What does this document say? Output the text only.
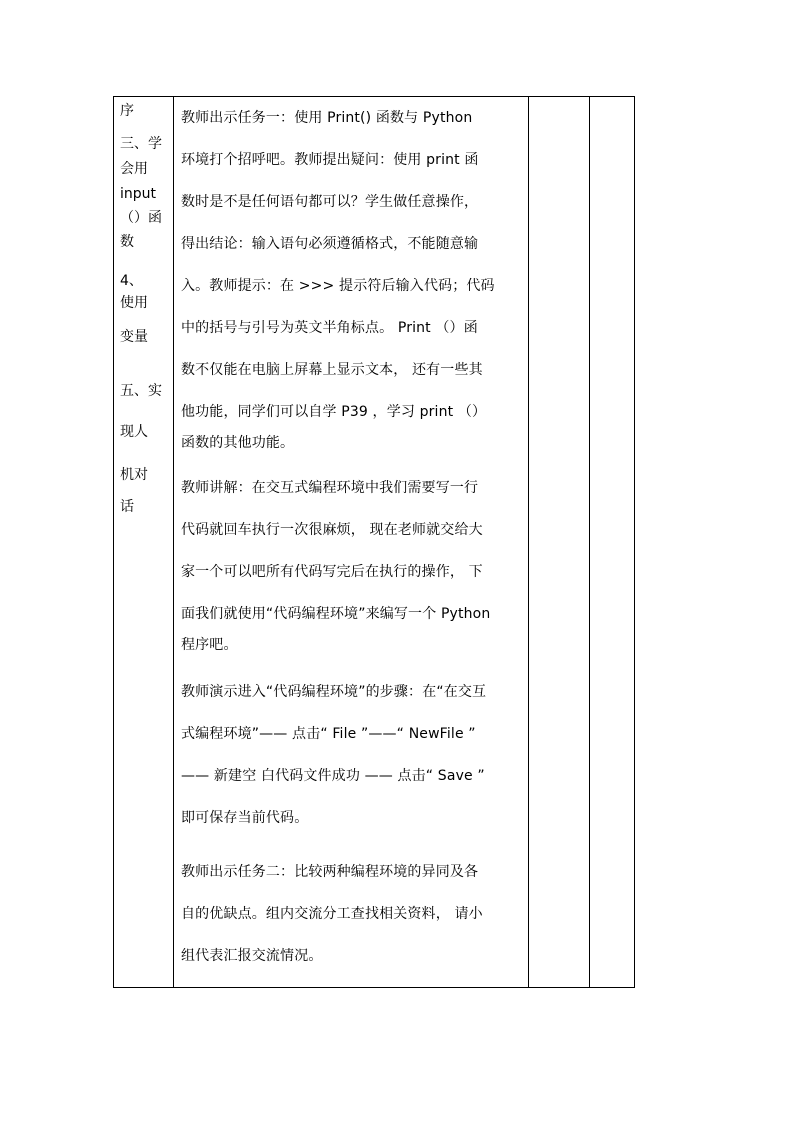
序
三、学
会用
input
（）函
数
4、
使用
变量
五、实
现人
机对
话
教师出示任务一：使用 Print() 函数与 Python
环境打个招呼吧。教师提出疑问：使用 print 函
数时是不是任何语句都可以？学生做任意操作，
得出结论：输入语句必须遵循格式，不能随意输
入。教师提示：在 >>> 提示符后输入代码；代码
中的括号与引号为英文半角标点。 Print （）函
数不仅能在电脑上屏幕上显示文本， 还有一些其
他功能，同学们可以自学 P39 ，学习 print （）
函数的其他功能。
教师讲解：在交互式编程环境中我们需要写一行
代码就回车执行一次很麻烦， 现在老师就交给大
家一个可以吧所有代码写完后在执行的操作， 下
面我们就使用“代码编程环境”来编写一个 Python
程序吧。
教师演示进入“代码编程环境”的步骤：在“在交互
式编程环境”—— 点击“ File ”——“ NewFile ”
—— 新建空 白代码文件成功 —— 点击“ Save ”
即可保存当前代码。
教师出示任务二：比较两种编程环境的异同及各
自的优缺点。组内交流分工查找相关资料， 请小
组代表汇报交流情况。
